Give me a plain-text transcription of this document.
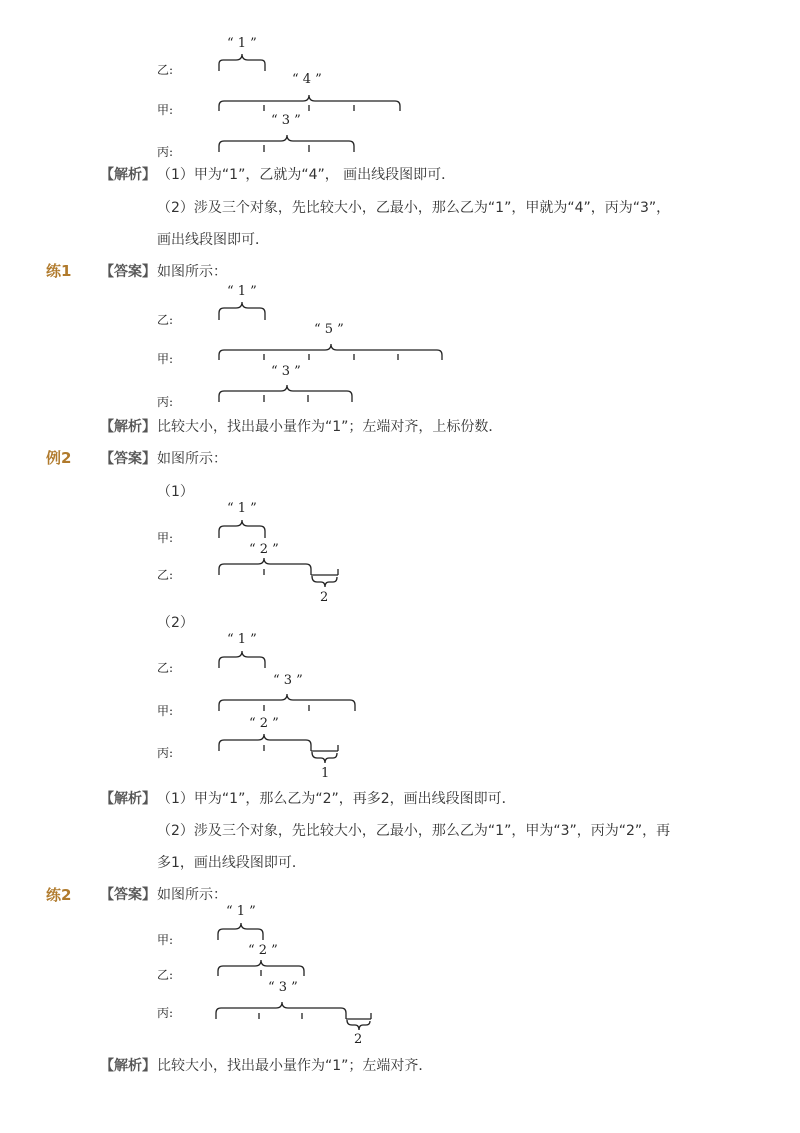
“ 1 ”
乙:
“ 4 ”
甲:
“ 3 ”
丙:
【解析】 （1）甲为“1”，乙就为“4”， 画出线段图即可．
（2）涉及三个对象，先比较大小，乙最小，那么乙为“1”，甲就为“4”，丙为“3”，
画出线段图即可．
练1 【答案】 如图所示：
“ 1 ”
乙:
“ 5 ”
甲:
“ 3 ”
丙:
【解析】 比较大小，找出最小量作为“1”；左端对齐，上标份数．
例2 【答案】 如图所示：
（1）
“ 1 ”
甲:
“ 2 ”
乙:
2
（2）
“ 1 ”
乙:
“ 3 ”
甲:
“ 2 ”
丙:
1
【解析】 （1）甲为“1”，那么乙为“2”，再多2，画出线段图即可．
（2）涉及三个对象，先比较大小，乙最小，那么乙为“1”，甲为“3”，丙为“2”，再
多1，画出线段图即可．
练2 【答案】 如图所示：
“ 1 ”
甲:
“ 2 ”
乙:
“ 3 ”
丙:
2
【解析】 比较大小，找出最小量作为“1”；左端对齐．
